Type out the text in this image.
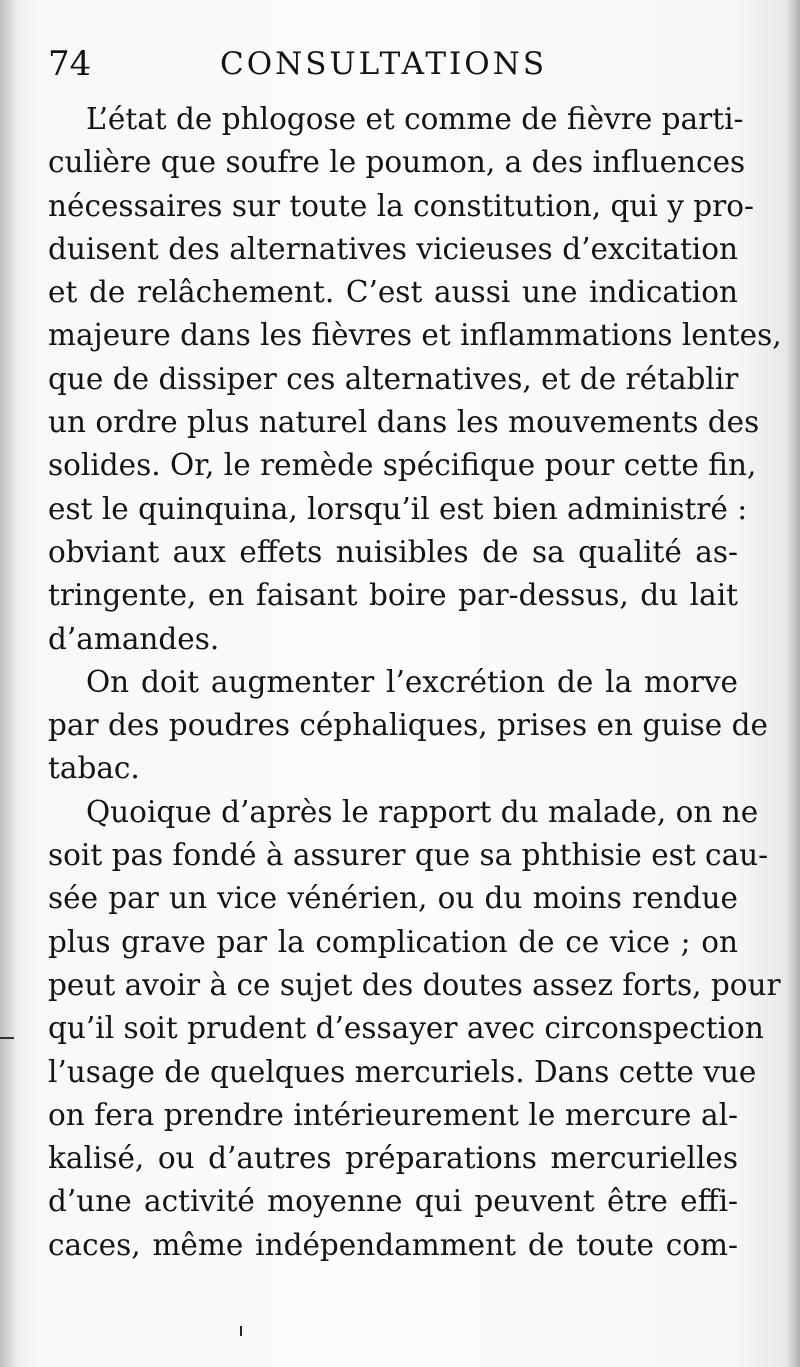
74	CONSULTATIONS
L’état de phlogose et comme de fièvre parti-
culière que soufre le poumon, a des influences
nécessaires sur toute la constitution, qui y pro-
duisent des alternatives vicieuses d’excitation
et de relâchement. C’est aussi une indication
majeure dans les fièvres et inflammations lentes,
que de dissiper ces alternatives, et de rétablir
un ordre plus naturel dans les mouvements des
solides. Or, le remède spécifique pour cette fin,
est le quinquina, lorsqu’il est bien administré :
obviant aux effets nuisibles de sa qualité as-
tringente, en faisant boire par-dessus, du lait
d’amandes.
On doit augmenter l’excrétion de la morve
par des poudres céphaliques, prises en guise de
tabac.
Quoique d’après le rapport du malade, on ne
soit pas fondé à assurer que sa phthisie est cau-
sée par un vice vénérien, ou du moins rendue
plus grave par la complication de ce vice ; on
peut avoir à ce sujet des doutes assez forts, pour
qu’il soit prudent d’essayer avec circonspection
l’usage de quelques mercuriels. Dans cette vue
on fera prendre intérieurement le mercure al-
kalisé, ou d’autres préparations mercurielles
d’une activité moyenne qui peuvent être effi-
caces, même indépendamment de toute com-
